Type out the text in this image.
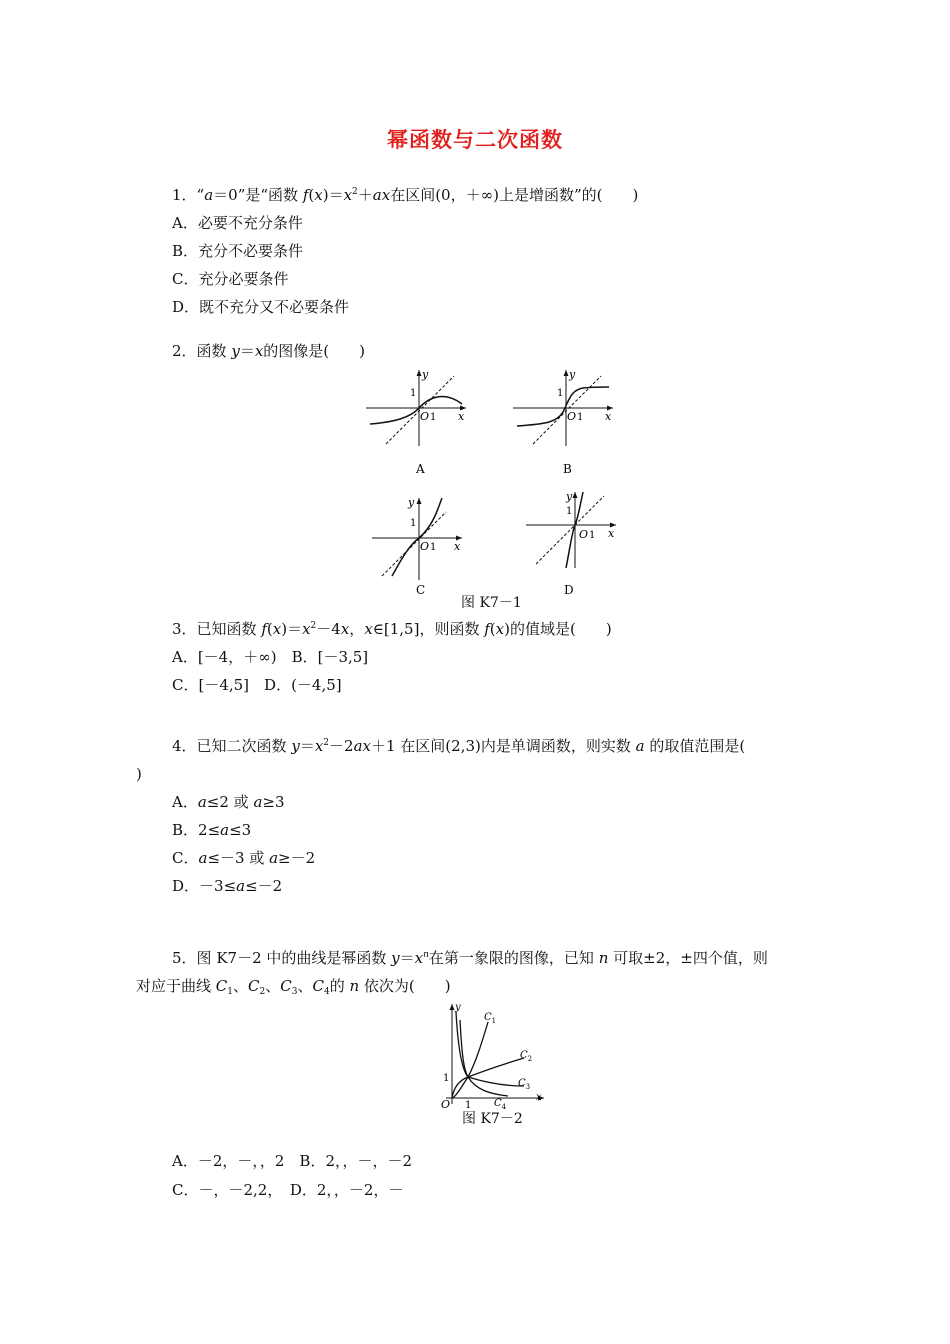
幂函数与二次函数
1．“a＝0”是“函数 $f(x)=x^2+ax$在区间(0，＋∞)上是增函数”的(　　)
A．必要不充分条件
B．充分不必要条件
C．充分必要条件
D．既不充分又不必要条件
2．函数 y＝x的图像是(　　)
y
x
1
O 1
A
y
x
1
O 1
B
y
x
1
O 1
C
y
x
1
O 1
D
图 K7－1
3．已知函数 $f(x)=x^2-4x$，x∈[1,5]，则函数 f(x)的值域是(　　)
A．[－4，＋∞)　B．[－3,5]
C．[－4,5]　D．(－4,5]
4．已知二次函数 $y=x^2-2ax+1$ 在区间(2,3)内是单调函数，则实数 a 的取值范围是(
)
A．a≤2 或 a≥3
B．2≤a≤3
C．a≤－3 或 a≥－2
D．－3≤a≤－2
5．图 K7－2 中的曲线是幂函数 $y=x^n$在第一象限的图像，已知 n 可取±2，±四个值，则
对应于曲线 $C_1$、$C_2$、$C_3$、$C_4$的 n 依次为(　　)
y
x
O 1
1
$C_1$
$C_2$
$C_3$
$C_4$
图 K7－2
A．－2，－，，2　B．2，，－，－2
C．－，－2,2，　D．2，，－2，－
